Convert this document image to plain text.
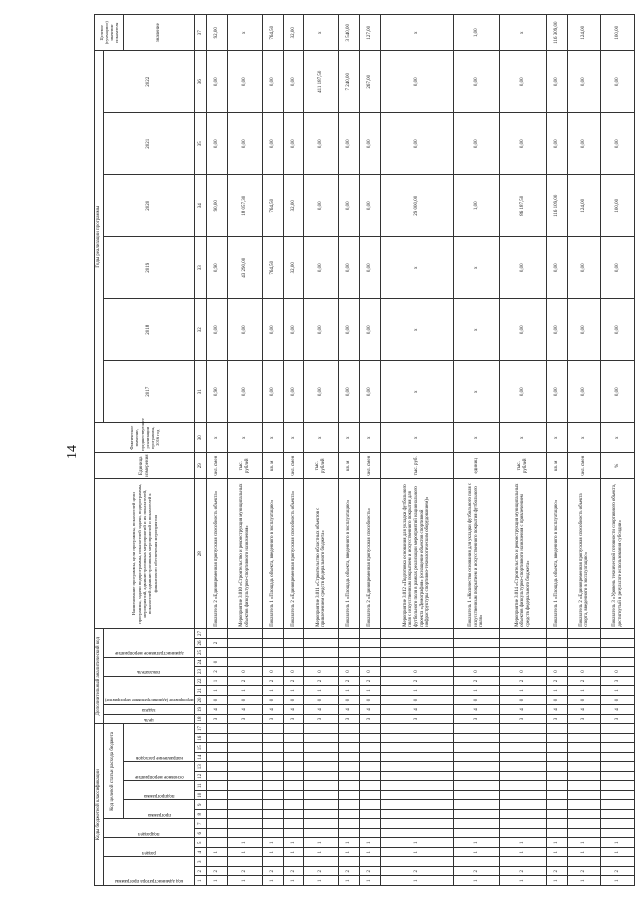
14
Коды бюджетной классификации																	Дополнительный аналитический код										Наименование программы, цели программы, показателей цели программы, задачи подпрограммы, показателей задачи, подпрограммы, мероприятий, административных мероприятий и их показателей, показателей административных мероприятий и показателей к финансового обеспечения мероприятия	Единица измерения	Фактическое значение, предшествующее реализации программы, 2016 год	Годы реализации программы						Целевое (суммарное) значение показателя

код администратора программы			раздел		подраздел		Код целевой статьи расхода бюджета										цель	задача	мероприятие (административное мероприятие)			показатель		административное мероприятие						2017	2018	2019	2020	2021	2022	

							программа		подпрограмма		основное мероприятие		направление расходов																							значение
1	2	3	4	5	6	7	8	9	10	11	12	13	14	15	16	17	18	19	20	21	22	23	24	25	26	27	28	29	30	31	32	33	34	35	36	37
1	2		1														3	4	0	1	1	2	0		2		Показатель 2 «Единовременная пропускная способность объекта»	чел. смен	х	0,90	0,00	0,90	90,00	0,00	0,00	92,00
1	2		1	1													3	4	0	1	2	0					Мероприятие 3.010 «Строительство и реконструкция муниципальных объектов физкультурно-спортивного назначения»	тыс. рублей	х	0,00	0,00	43 290,00	18 057,30	0,00	0,00	х
1	2		1	1													3	4	0	1	2	0					Показатель 1 «Площадь объекта, введенного в эксплуатацию»	кв. м	х	0,00	0,00	764,50	764,50	0,00	0,00	764,50
1	2		1	1													3	4	0	1	2	0					Показатель 2 «Единовременная пропускная способность объекта»	чел. смен	х	0,00	0,00	32,00	32,00	0,00	0,00	32,00
1	2		1	1													3	4	0	1	2	0					Мероприятие 3.011 «Строительство областных объектов с привлечением средств федерального бюджета»	тыс. рублей	х	0,00	0,00	0,00	0,00	0,00	411 187,50	х
1	2		1	1													3	4	0	1	2	0					Показатель 1 «Площадь объекта, введенного в эксплуатацию»	кв. м	х	0,00	0,00	0,00	0,00	0,00	7 240,00	3 540,00
1	2		1	1													3	4	0	1	2	0					Показатель 2 «Единовременная пропускная способность»	чел. смен	х	0,00	0,00	0,00	0,00	0,00	267,00	127,00
1	2		1	1													3	4	0	1	2	0					Мероприятие 3.012 «Подготовка основания для укладки футбольного поля с искусственным покрытием и искусственного покрытия для футбольного поля в рамках реализации мероприятий национального проекта «Демография» (оснащение объектов спортивной инфраструктуры спортивно-технологическим оборудованием)»	тыс. руб.	х	х	х	х	29 000,00	0,00	0,00	х
1	2		1	1													3	4	0	1	2	0					Показатель 1 «Количество основания для укладки футбольного поля с искусственным покрытием и искусственного покрытия футбольного поля»	единиц	х	х	х	х	1,00	0,00	0,00	1,00
1	2		1	1													3	4	0	1	2	0					Мероприятие 3.014 «Строительство и реконструкция муниципальных объектов физкультурно-спортивного назначения с привлечением средств федерального бюджета»	тыс. рублей	х	0,00	0,00	0,00	86 187,50	0,00	0,00	х
1	2		1	1													3	4	0	1	2	0					Показатель 1 «Площадь объекта, введенного в эксплуатацию»	кв. м	х	0,00	0,00	0,00	116 109,00	0,00	0,00	116 309,00
1	2		1	1													3	4	0	1	2	0					Показатель 2 «Единовременная пропускная способность объекта спорта, введенного в эксплуатацию»	чел. смен	х	0,00	0,00	0,00	124,00	0,00	0,00	124,00
1	2		1	1													3	4	0	1	3	0					Показатель 3 «Уровень технической готовности спортивного объекта, достигнутый в результате использования субсидии»	%	х	0,00	0,00	0,00	100,00	0,00	0,00	100,00
